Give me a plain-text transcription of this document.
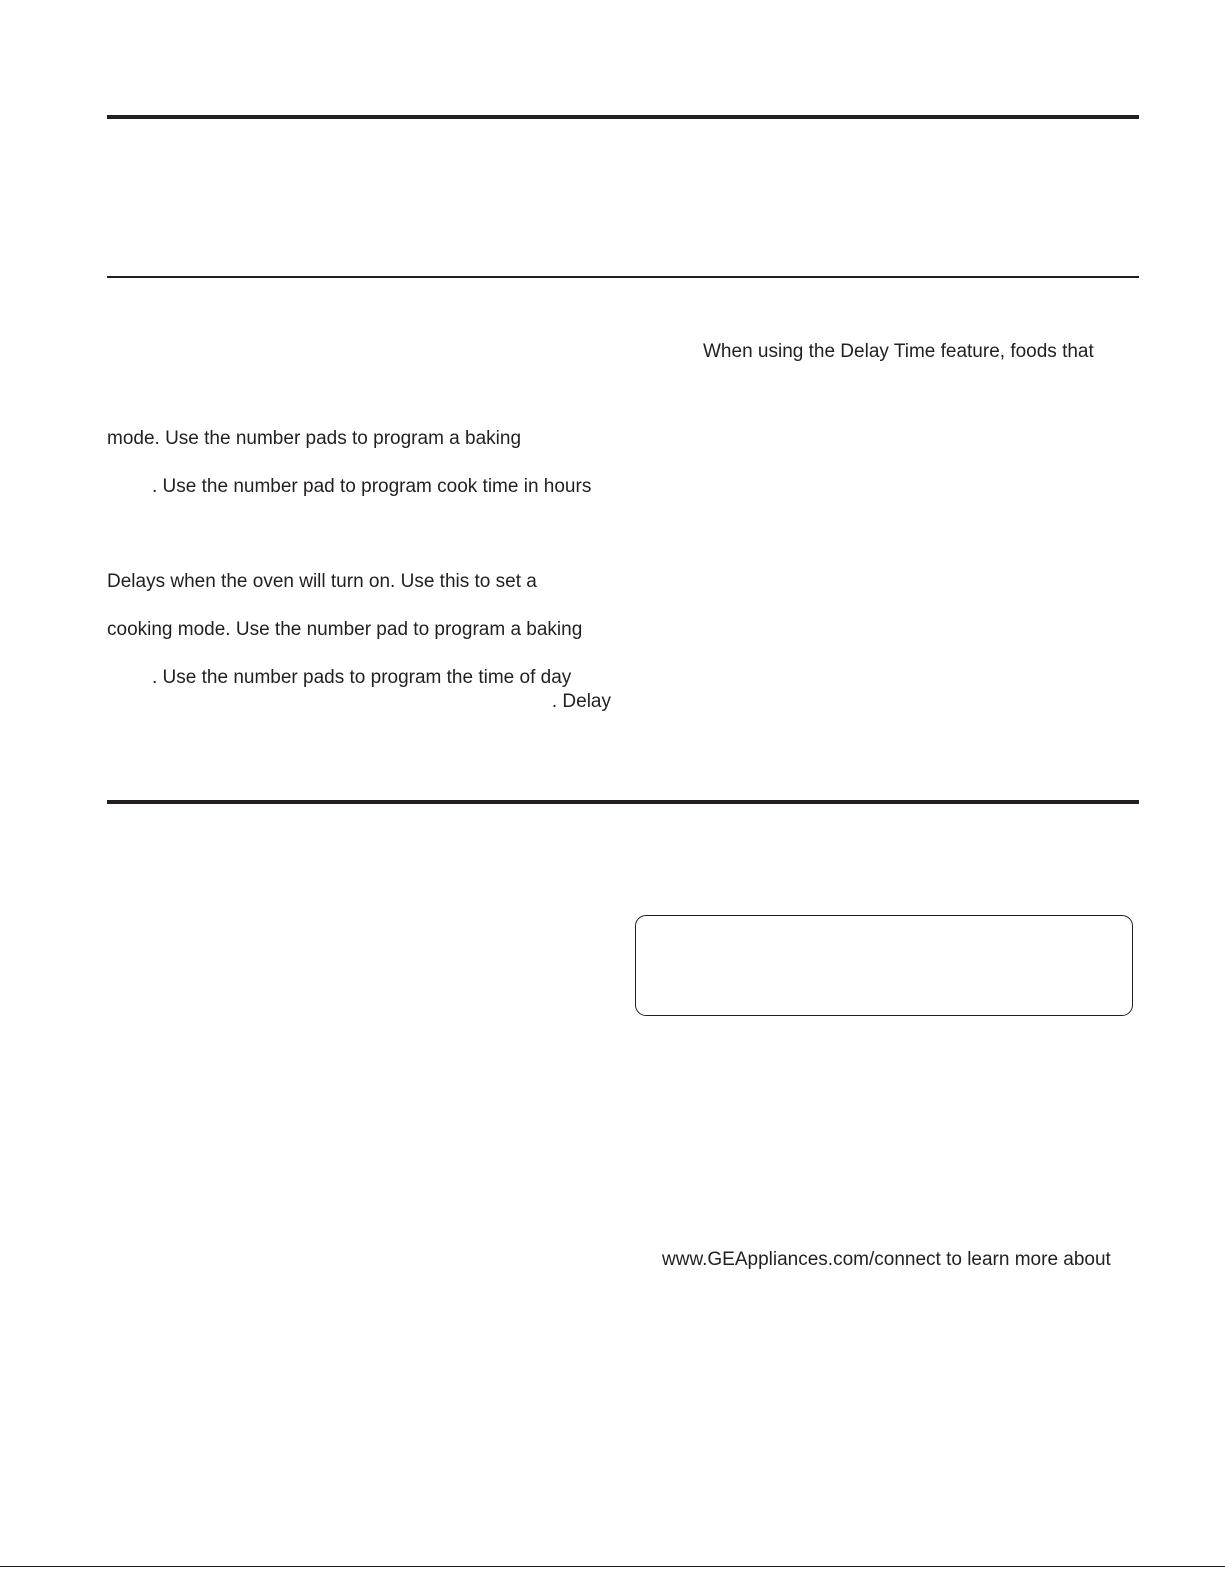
When using the Delay Time feature, foods that
mode. Use the number pads to program a baking
. Use the number pad to program cook time in hours
Delays when the oven will turn on. Use this to set a
cooking mode. Use the number pad to program a baking
. Use the number pads to program the time of day
. Delay
www.GEAppliances.com/connect to learn more about
